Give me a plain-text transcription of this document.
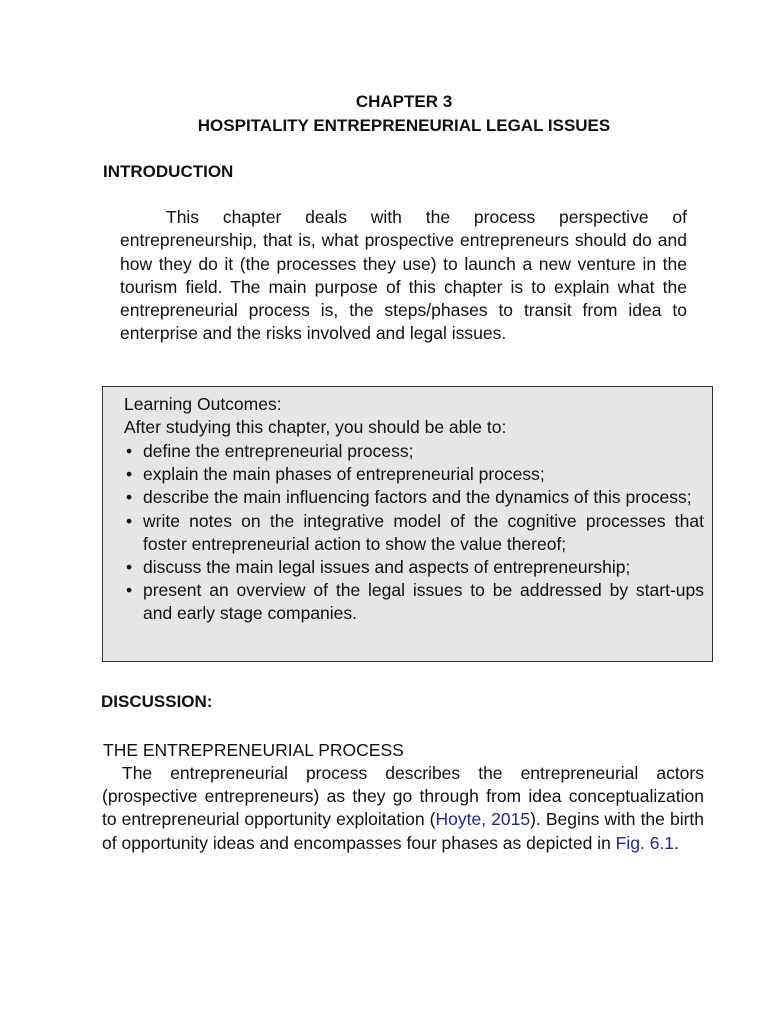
CHAPTER 3
HOSPITALITY ENTREPRENEURIAL LEGAL ISSUES
INTRODUCTION

This chapter deals with the process perspective of entrepreneurship, that is, what prospective entrepreneurs should do and how they do it (the processes they use) to launch a new venture in the tourism field. The main purpose of this chapter is to explain what the entrepreneurial process is, the steps/phases to transit from idea to enterprise and the risks involved and legal issues.

Learning Outcomes:
After studying this chapter, you should be able to:
• define the entrepreneurial process;
• explain the main phases of entrepreneurial process;
• describe the main influencing factors and the dynamics of this process;
• write notes on the integrative model of the cognitive processes that foster entrepreneurial action to show the value thereof;
• discuss the main legal issues and aspects of entrepreneurship;
• present an overview of the legal issues to be addressed by start-ups and early stage companies.
DISCUSSION:
THE ENTREPRENEURIAL PROCESS

The entrepreneurial process describes the entrepreneurial actors (prospective entrepreneurs) as they go through from idea conceptualization to entrepreneurial opportunity exploitation (Hoyte, 2015). Begins with the birth of opportunity ideas and encompasses four phases as depicted in Fig. 6.1.
